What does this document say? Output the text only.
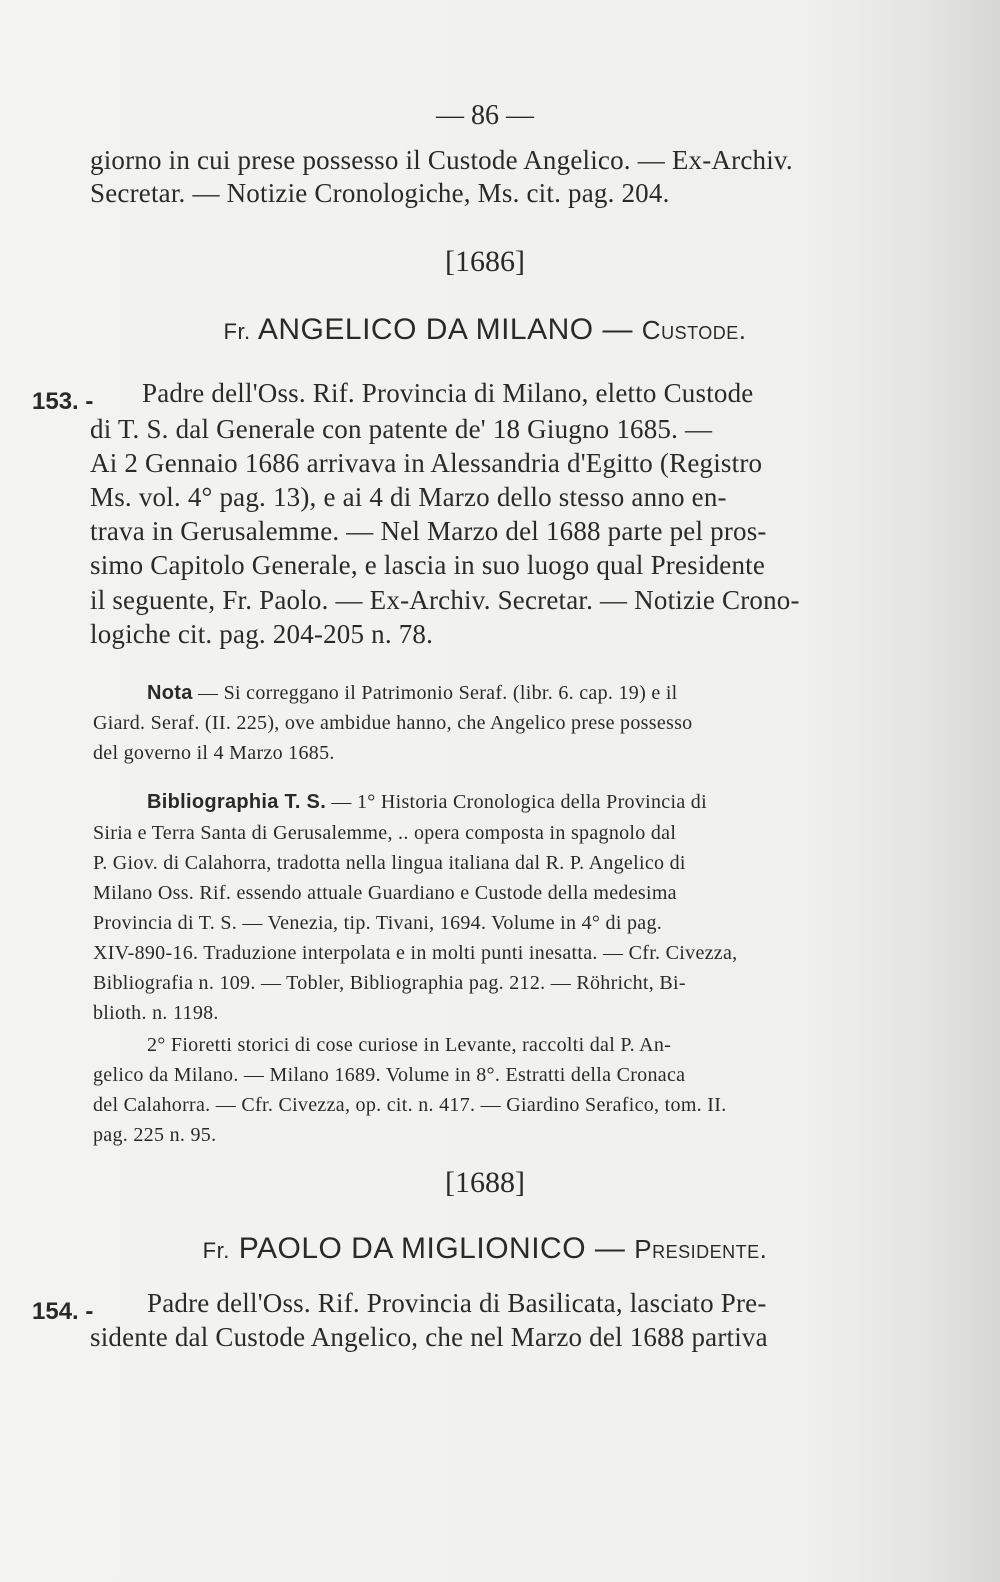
— 86 —
giorno in cui prese possesso il Custode Angelico. — Ex-Archiv.
Secretar. — Notizie Cronologiche, Ms. cit. pag. 204.
[1686]
Fr. ANGELICO DA MILANO — Custode.
153. - Padre dell'Oss. Rif. Provincia di Milano, eletto Custode
di T. S. dal Generale con patente de' 18 Giugno 1685. —
Ai 2 Gennaio 1686 arrivava in Alessandria d'Egitto (Registro
Ms. vol. 4° pag. 13), e ai 4 di Marzo dello stesso anno en-
trava in Gerusalemme. — Nel Marzo del 1688 parte pel pros-
simo Capitolo Generale, e lascia in suo luogo qual Presidente
il seguente, Fr. Paolo. — Ex-Archiv. Secretar. — Notizie Crono-
logiche cit. pag. 204-205 n. 78.
Nota — Si correggano il Patrimonio Seraf. (libr. 6. cap. 19) e il
Giard. Seraf. (II. 225), ove ambidue hanno, che Angelico prese possesso
del governo il 4 Marzo 1685.
Bibliographia T. S. — 1° Historia Cronologica della Provincia di
Siria e Terra Santa di Gerusalemme, .. opera composta in spagnolo dal
P. Giov. di Calahorra, tradotta nella lingua italiana dal R. P. Angelico di
Milano Oss. Rif. essendo attuale Guardiano e Custode della medesima
Provincia di T. S. — Venezia, tip. Tivani, 1694. Volume in 4° di pag.
XIV-890-16. Traduzione interpolata e in molti punti inesatta. — Cfr. Civezza,
Bibliografia n. 109. — Tobler, Bibliographia pag. 212. — Röhricht, Bi-
blioth. n. 1198.
2° Fioretti storici di cose curiose in Levante, raccolti dal P. An-
gelico da Milano. — Milano 1689. Volume in 8°. Estratti della Cronaca
del Calahorra. — Cfr. Civezza, op. cit. n. 417. — Giardino Serafico, tom. II.
pag. 225 n. 95.
[1688]
Fr. PAOLO DA MIGLIONICO — Presidente.
154. - Padre dell'Oss. Rif. Provincia di Basilicata, lasciato Pre-
sidente dal Custode Angelico, che nel Marzo del 1688 partiva
